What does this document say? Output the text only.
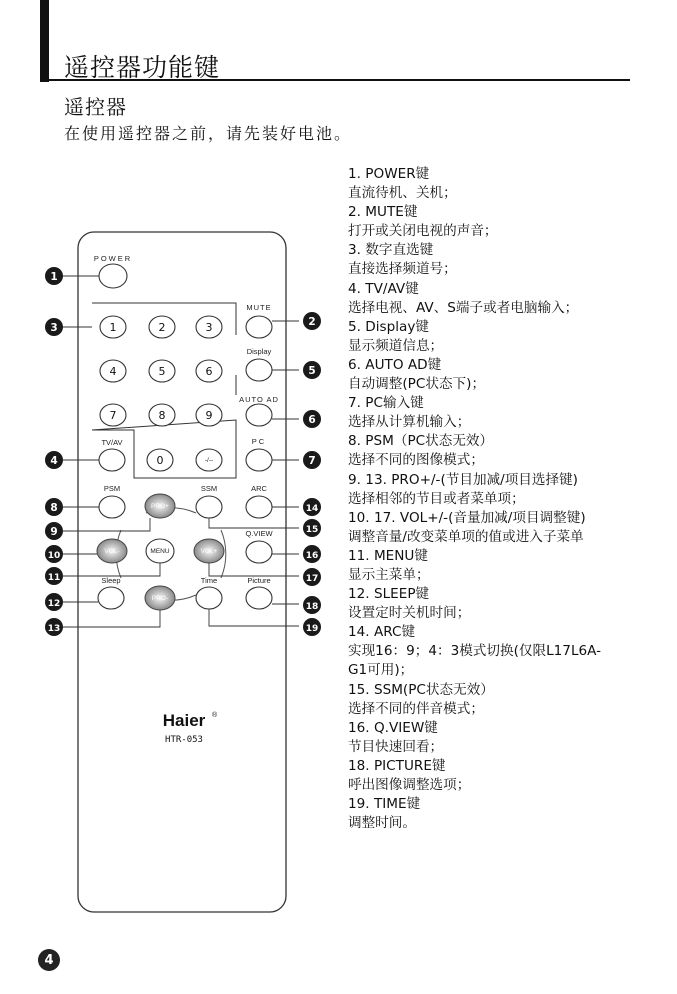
遥控器功能键
遥控器
在使用遥控器之前，请先装好电池。
POWER
MUTE
Display
AUTO AD
PC
TV/AV
PSM	SSM	ARC
Q.VIEW
Sleep	Time	Picture
1	2	3
4	5	6
7	8	9
0	-/--
MENU
PRO+
PRO-
VOL-	VOL+
Haier ®
HTR-053
1
2
3
4
5
6
7
8
9
10
11
12
13
14
15
16
17
18
19
1. POWER键
直流待机、关机；
2. MUTE键
打开或关闭电视的声音；
3. 数字直选键
直接选择频道号；
4. TV/AV键
选择电视、AV、S端子或者电脑输入；
5. Display键
显示频道信息；
6. AUTO AD键
自动调整(PC状态下)；
7. PC输入键
选择从计算机输入；
8. PSM（PC状态无效）
选择不同的图像模式；
9. 13. PRO+/-(节目加减/项目选择键)
选择相邻的节目或者菜单项；
10. 17. VOL+/-(音量加减/项目调整键)
调整音量/改变菜单项的值或进入子菜单
11. MENU键
显示主菜单；
12. SLEEP键
设置定时关机时间；
14. ARC键
实现16：9；4：3模式切换(仅限L17L6A-
G1可用)；
15. SSM(PC状态无效）
选择不同的伴音模式；
16. Q.VIEW键
节目快速回看；
18. PICTURE键
呼出图像调整选项；
19. TIME键
调整时间。
4
